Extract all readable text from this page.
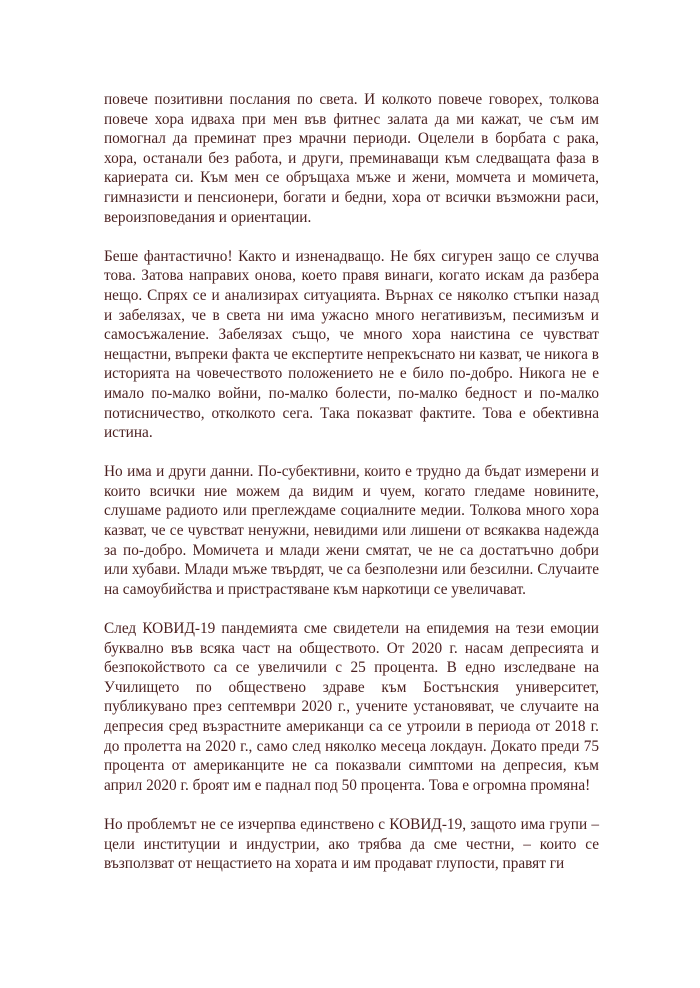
повече позитивни послания по света. И колкото повече говорех, толкова повече хора идваха при мен във фитнес залата да ми кажат, че съм им помогнал да преминат през мрачни периоди. Оцелели в борбата с рака, хора, останали без работа, и други, преминаващи към следващата фаза в кариерата си. Към мен се обръщаха мъже и жени, момчета и момичета, гимназисти и пенсионери, богати и бедни, хора от всички възможни раси, вероизповедания и ориентации.

Беше фантастично! Както и изненадващо. Не бях сигурен защо се случва това. Затова направих онова, което правя винаги, когато искам да разбера нещо. Спрях се и анализирах ситуацията. Върнах се няколко стъпки назад и забелязах, че в света ни има ужасно много негативизъм, песимизъм и самосъжаление. Забелязах също, че много хора наистина се чувстват нещастни, въпреки факта че експертите непрекъснато ни казват, че никога в историята на човечеството положението не е било по-добро. Никога не е имало по-малко войни, по-малко болести, по-малко бедност и по-малко потисничество, отколкото сега. Така показват фактите. Това е обективна истина.

Но има и други данни. По-субективни, които е трудно да бъдат измерени и които всички ние можем да видим и чуем, когато гледаме новините, слушаме радиото или преглеждаме социалните медии. Толкова много хора казват, че се чувстват ненужни, невидими или лишени от всякаква надежда за по-добро. Момичета и млади жени смятат, че не са достатъчно добри или хубави. Млади мъже твърдят, че са безполезни или безсилни. Случаите на самоубийства и пристрастяване към наркотици се увеличават.

След КОВИД-19 пандемията сме свидетели на епидемия на тези емоции буквално във всяка част на обществото. От 2020 г. насам депресията и безпокойството са се увеличили с 25 процента. В едно изследване на Училището по обществено здраве към Бостънския университет, публикувано през септември 2020 г., учените установяват, че случаите на депресия сред възрастните американци са се утроили в периода от 2018 г. до пролетта на 2020 г., само след няколко месеца локдаун. Докато преди 75 процента от американците не са показвали симптоми на депресия, към април 2020 г. броят им е паднал под 50 процента. Това е огромна промяна!

Но проблемът не се изчерпва единствено с КОВИД-19, защото има групи – цели институции и индустрии, ако трябва да сме честни, – които се възползват от нещастието на хората и им продават глупости, правят ги
